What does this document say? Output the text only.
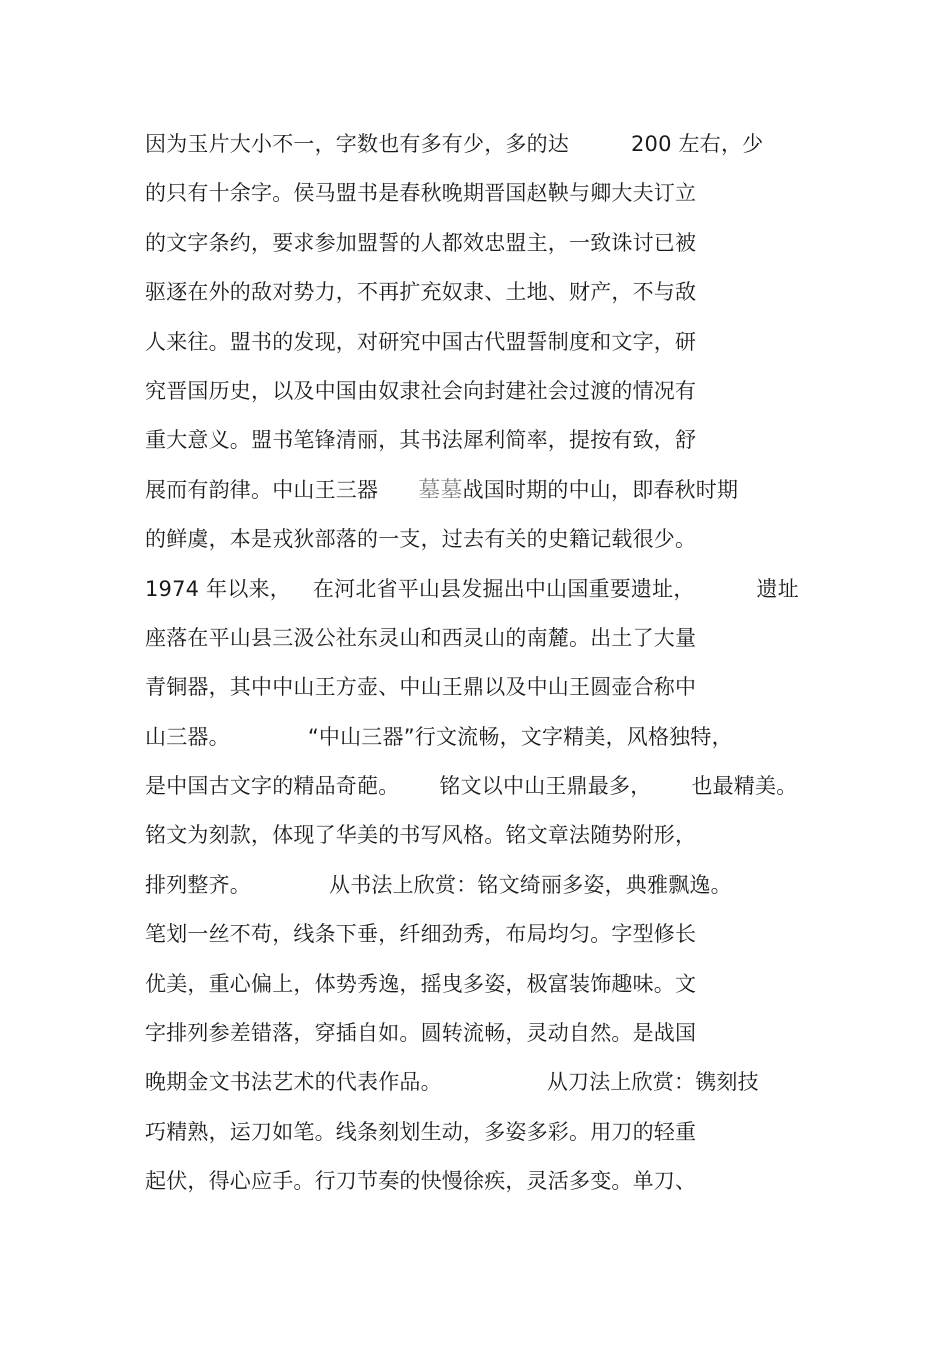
因为玉片大小不一，字数也有多有少，多的达	200 左右，少
的只有十余字。侯马盟书是春秋晚期晋国赵鞅与卿大夫订立
的文字条约，要求参加盟誓的人都效忠盟主，一致诛讨已被
驱逐在外的敌对势力，不再扩充奴隶、土地、财产，不与敌
人来往。盟书的发现，对研究中国古代盟誓制度和文字，研
究晋国历史，以及中国由奴隶社会向封建社会过渡的情况有
重大意义。盟书笔锋清丽，其书法犀利简率，提按有致，舒
展而有韵律。中山王三器 墓墓战国时期的中山，即春秋时期
的鲜虞，本是戎狄部落的一支，过去有关的史籍记载很少。
1974 年以来， 在河北省平山县发掘出中山国重要遗址，	遗址
座落在平山县三汲公社东灵山和西灵山的南麓。出土了大量
青铜器，其中中山王方壶、中山王鼎以及中山王圆壶合称中
山三器。	“中山三器”行文流畅，文字精美，风格独特，
是中国古文字的精品奇葩。 铭文以中山王鼎最多， 也最精美。
铭文为刻款，体现了华美的书写风格。铭文章法随势附形，
排列整齐。	从书法上欣赏：铭文绮丽多姿，典雅飘逸。
笔划一丝不苟，线条下垂，纤细劲秀，布局均匀。字型修长
优美，重心偏上，体势秀逸，摇曳多姿，极富装饰趣味。文
字排列参差错落，穿插自如。圆转流畅，灵动自然。是战国
晚期金文书法艺术的代表作品。	从刀法上欣赏：镌刻技
巧精熟，运刀如笔。线条刻划生动，多姿多彩。用刀的轻重
起伏，得心应手。行刀节奏的快慢徐疾，灵活多变。单刀、
